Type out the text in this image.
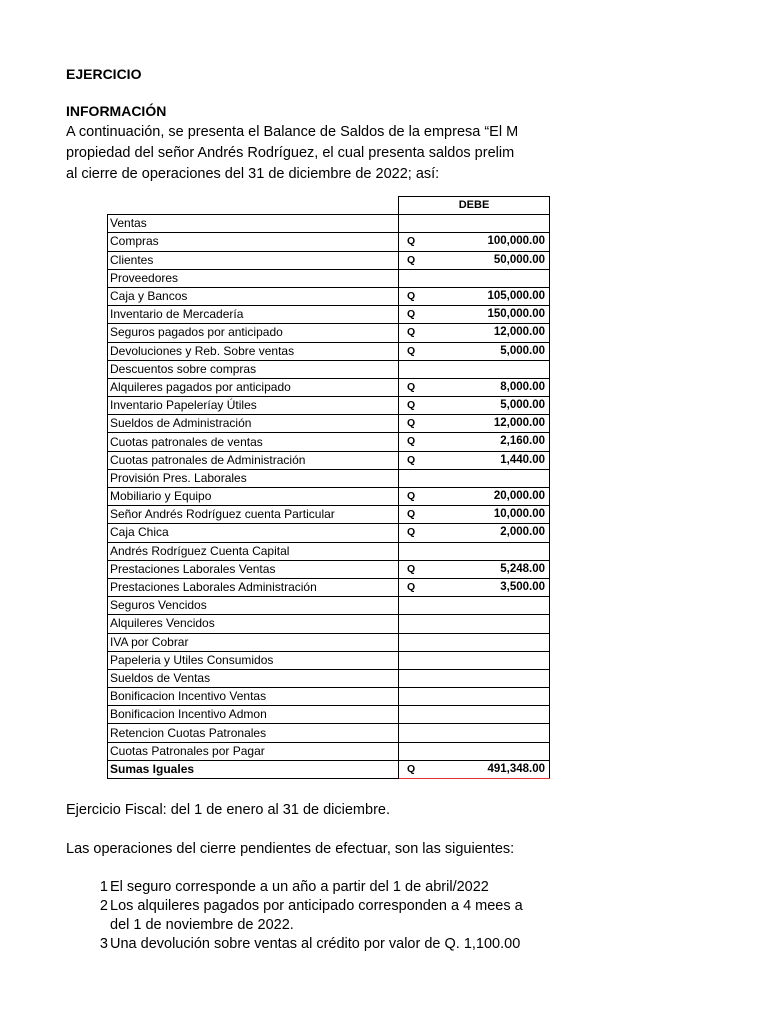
EJERCICIO
INFORMACIÓN
A continuación, se presenta el Balance de Saldos de la empresa “El M
propiedad del señor Andrés Rodríguez, el cual presenta saldos prelim
al cierre de operaciones del 31 de diciembre de 2022; así:
	DEBE
Ventas	
Compras	Q 100,000.00

Clientes	Q 50,000.00

Proveedores	
Caja y Bancos	Q 105,000.00

Inventario de Mercadería	Q 150,000.00

Seguros pagados por anticipado	Q 12,000.00

Devoluciones y Reb. Sobre ventas	Q 5,000.00

Descuentos sobre compras	
Alquileres pagados por anticipado	Q 8,000.00

Inventario Papeleríay Útiles	Q 5,000.00

Sueldos de Administración	Q 12,000.00

Cuotas patronales de ventas	Q 2,160.00

Cuotas patronales de Administración	Q 1,440.00

Provisión Pres. Laborales	
Mobiliario y Equipo	Q 20,000.00

Señor Andrés Rodríguez cuenta Particular	Q 10,000.00

Caja Chica	Q 2,000.00

Andrés Rodríguez Cuenta Capital	
Prestaciones Laborales Ventas	Q 5,248.00

Prestaciones Laborales Administración	Q 3,500.00

Seguros Vencidos	
Alquileres Vencidos	
IVA por Cobrar	
Papeleria y Utiles Consumidos	
Sueldos de Ventas	
Bonificacion Incentivo Ventas	
Bonificacion Incentivo Admon	
Retencion Cuotas Patronales	
Cuotas Patronales por Pagar	
Sumas Iguales	Q 491,348.00
Ejercicio Fiscal: del 1 de enero al 31 de diciembre.
Las operaciones del cierre pendientes de efectuar, son las siguientes:
1 El seguro corresponde a un año a partir del 1 de abril/2022
2 Los alquileres pagados por anticipado corresponden a 4 mees a
del 1 de noviembre de 2022.
3 Una devolución sobre ventas al crédito por valor de Q. 1,100.00
